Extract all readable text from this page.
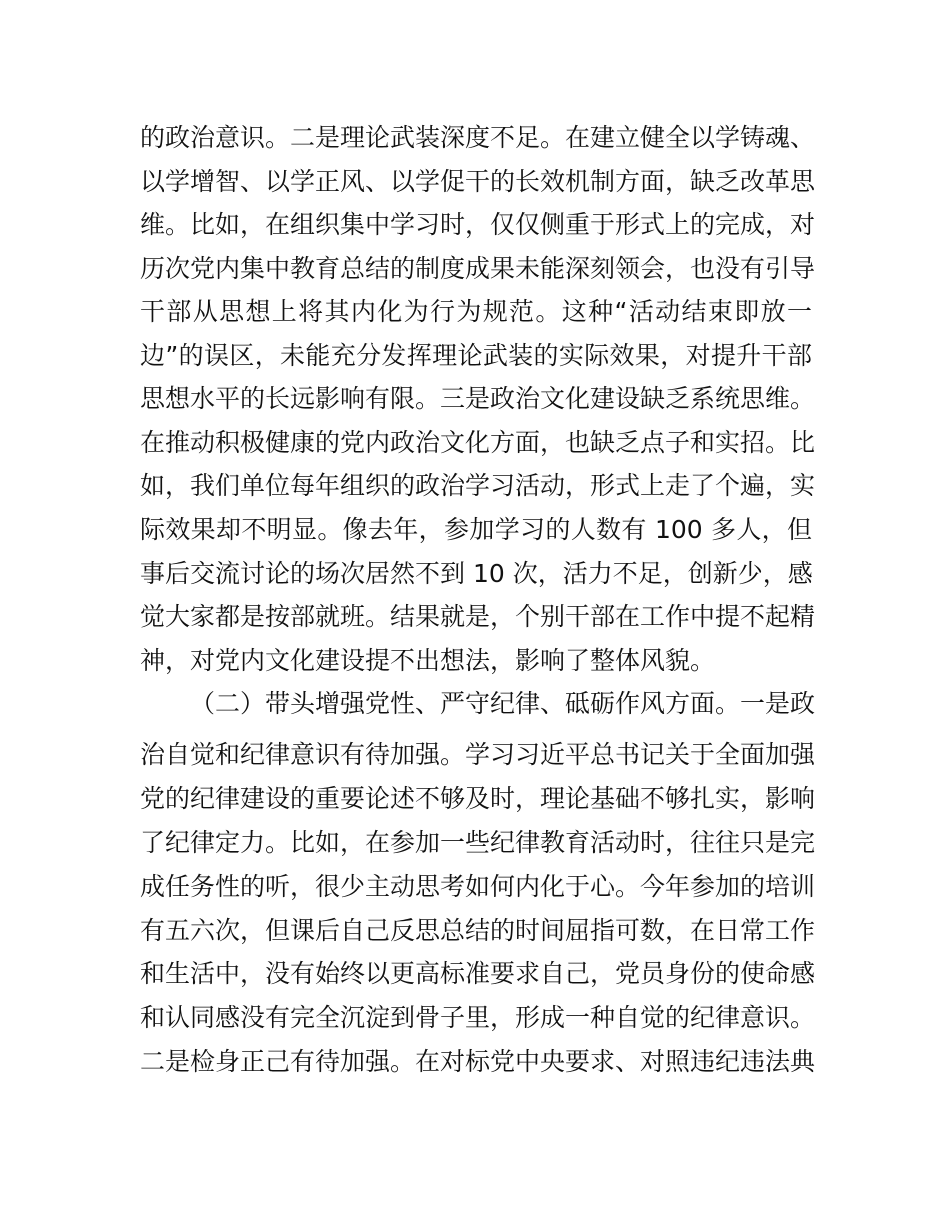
的政治意识。二是理论武装深度不足。在建立健全以学铸魂、
以学增智、以学正风、以学促干的长效机制方面，缺乏改革思
维。比如，在组织集中学习时，仅仅侧重于形式上的完成，对
历次党内集中教育总结的制度成果未能深刻领会，也没有引导
干部从思想上将其内化为行为规范。这种“活动结束即放一
边”的误区，未能充分发挥理论武装的实际效果，对提升干部
思想水平的长远影响有限。三是政治文化建设缺乏系统思维。
在推动积极健康的党内政治文化方面，也缺乏点子和实招。比
如，我们单位每年组织的政治学习活动，形式上走了个遍，实
际效果却不明显。像去年，参加学习的人数有 100 多人，但
事后交流讨论的场次居然不到 10 次，活力不足，创新少，感
觉大家都是按部就班。结果就是，个别干部在工作中提不起精
神，对党内文化建设提不出想法，影响了整体风貌。
（二）带头增强党性、严守纪律、砥砺作风方面。一是政
治自觉和纪律意识有待加强。学习习近平总书记关于全面加强
党的纪律建设的重要论述不够及时，理论基础不够扎实，影响
了纪律定力。比如，在参加一些纪律教育活动时，往往只是完
成任务性的听，很少主动思考如何内化于心。今年参加的培训
有五六次，但课后自己反思总结的时间屈指可数，在日常工作
和生活中，没有始终以更高标准要求自己，党员身份的使命感
和认同感没有完全沉淀到骨子里，形成一种自觉的纪律意识。
二是检身正己有待加强。在对标党中央要求、对照违纪违法典
